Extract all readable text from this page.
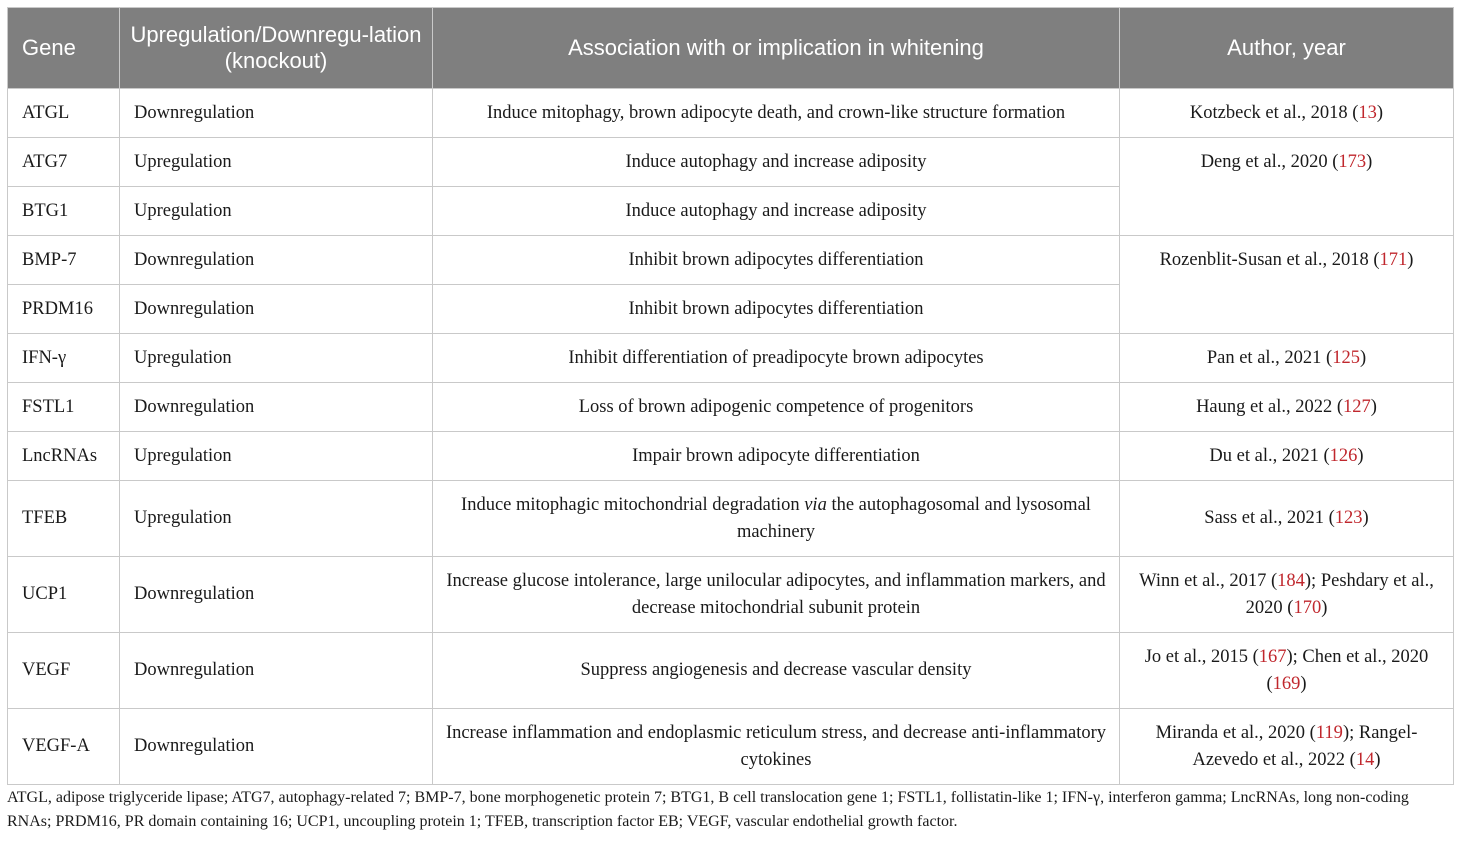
Gene	Upregulation/Downregu-lation (knockout)	Association with or implication in whitening	Author, year
ATGL	Downregulation	Induce mitophagy, brown adipocyte death, and crown-like structure formation	Kotzbeck et al., 2018 (13)
ATG7	Upregulation	Induce autophagy and increase adiposity	Deng et al., 2020 (173)
BTG1	Upregulation	Induce autophagy and increase adiposity	
BMP-7	Downregulation	Inhibit brown adipocytes differentiation	Rozenblit-Susan et al., 2018 (171)
PRDM16	Downregulation	Inhibit brown adipocytes differentiation	
IFN-γ	Upregulation	Inhibit differentiation of preadipocyte brown adipocytes	Pan et al., 2021 (125)
FSTL1	Downregulation	Loss of brown adipogenic competence of progenitors	Haung et al., 2022 (127)
LncRNAs	Upregulation	Impair brown adipocyte differentiation	Du et al., 2021 (126)
TFEB	Upregulation	Induce mitophagic mitochondrial degradation via the autophagosomal and lysosomal machinery	Sass et al., 2021 (123)
UCP1	Downregulation	Increase glucose intolerance, large unilocular adipocytes, and inflammation markers, and decrease mitochondrial subunit protein	Winn et al., 2017 (184); Peshdary et al., 2020 (170)
VEGF	Downregulation	Suppress angiogenesis and decrease vascular density	Jo et al., 2015 (167); Chen et al., 2020 (169)
VEGF-A	Downregulation	Increase inflammation and endoplasmic reticulum stress, and decrease anti-inflammatory cytokines	Miranda et al., 2020 (119); Rangel-Azevedo et al., 2022 (14)
ATGL, adipose triglyceride lipase; ATG7, autophagy-related 7; BMP-7, bone morphogenetic protein 7; BTG1, B cell translocation gene 1; FSTL1, follistatin-like 1; IFN-γ, interferon gamma; LncRNAs, long non-coding RNAs; PRDM16, PR domain containing 16; UCP1, uncoupling protein 1; TFEB, transcription factor EB; VEGF, vascular endothelial growth factor.
